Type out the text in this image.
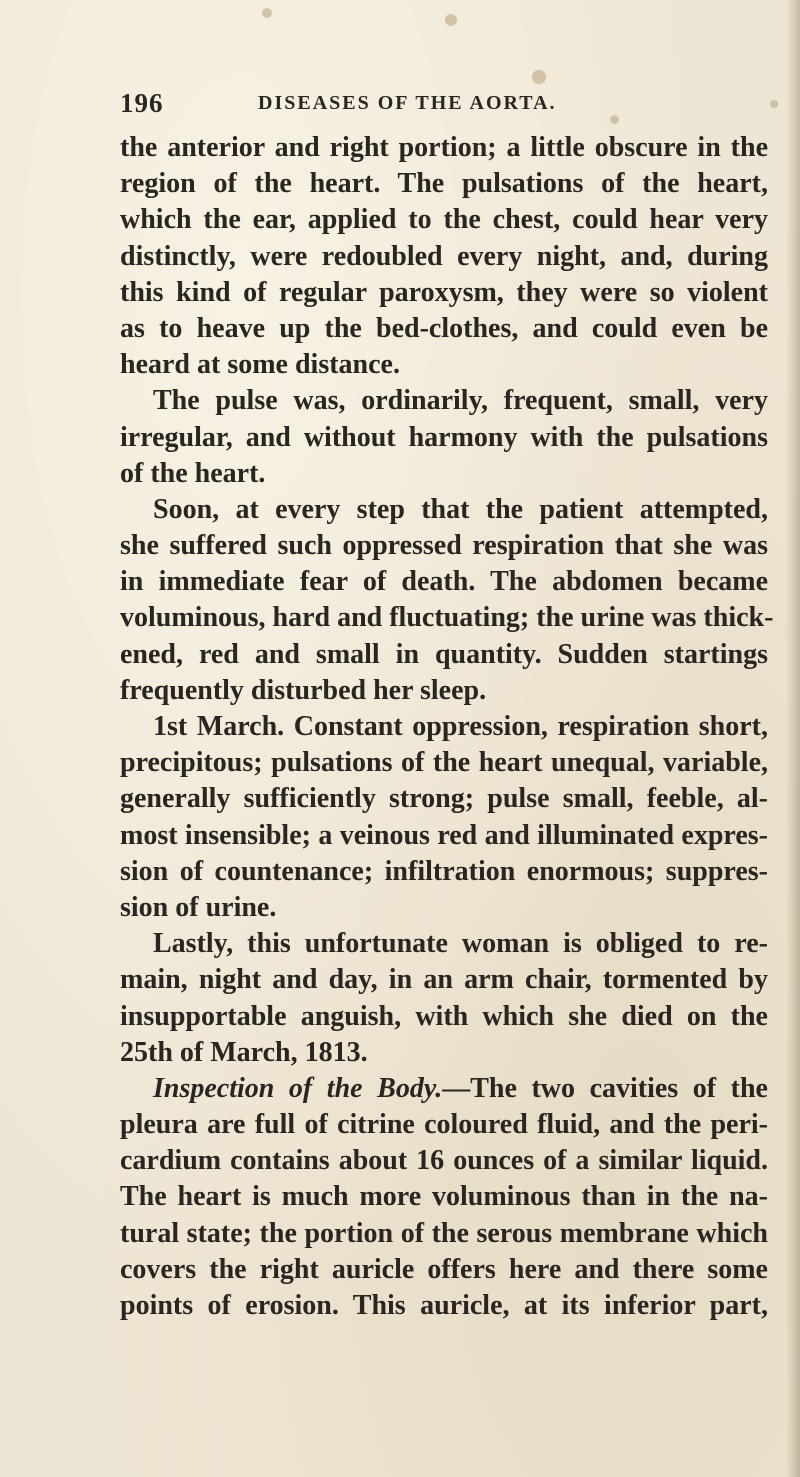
196	DISEASES OF THE AORTA.
the anterior and right portion; a little obscure in the
region of the heart. The pulsations of the heart,
which the ear, applied to the chest, could hear very
distinctly, were redoubled every night, and, during
this kind of regular paroxysm, they were so violent
as to heave up the bed-clothes, and could even be
heard at some distance.
The pulse was, ordinarily, frequent, small, very
irregular, and without harmony with the pulsations
of the heart.
Soon, at every step that the patient attempted,
she suffered such oppressed respiration that she was
in immediate fear of death. The abdomen became
voluminous, hard and fluctuating; the urine was thick-
ened, red and small in quantity. Sudden startings
frequently disturbed her sleep.
1st March. Constant oppression, respiration short,
precipitous; pulsations of the heart unequal, variable,
generally sufficiently strong; pulse small, feeble, al-
most insensible; a veinous red and illuminated expres-
sion of countenance; infiltration enormous; suppres-
sion of urine.
Lastly, this unfortunate woman is obliged to re-
main, night and day, in an arm chair, tormented by
insupportable anguish, with which she died on the
25th of March, 1813.
Inspection of the Body.—The two cavities of the
pleura are full of citrine coloured fluid, and the peri-
cardium contains about 16 ounces of a similar liquid.
The heart is much more voluminous than in the na-
tural state; the portion of the serous membrane which
covers the right auricle offers here and there some
points of erosion. This auricle, at its inferior part,
